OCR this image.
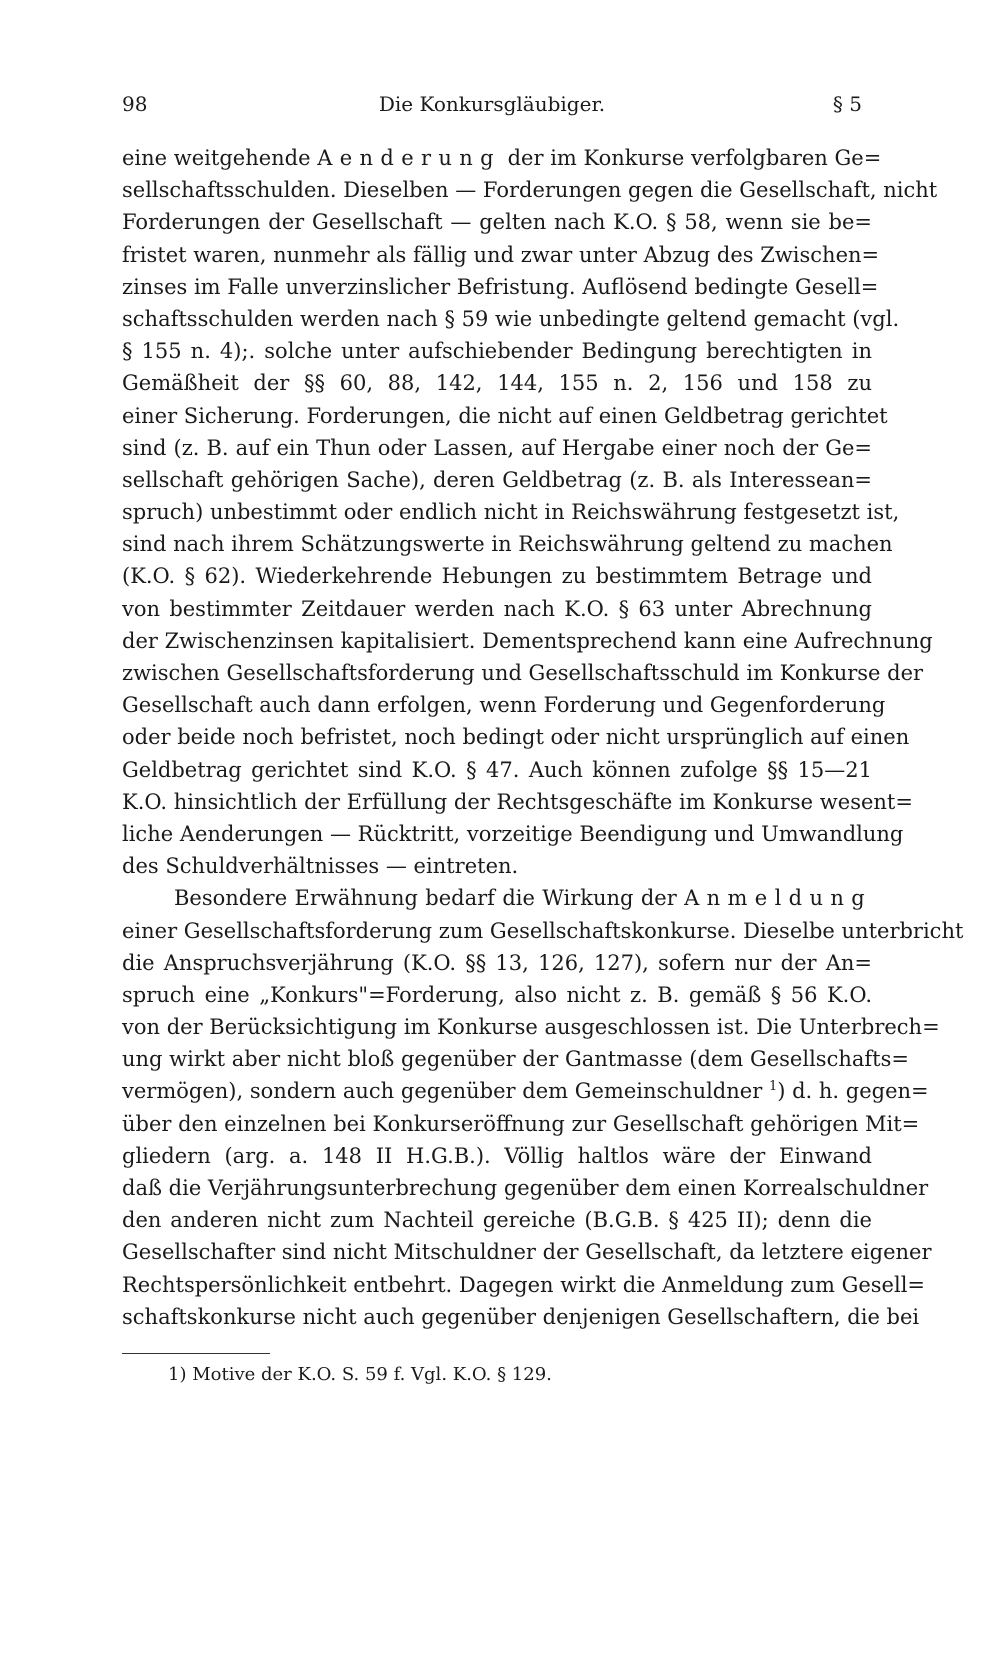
98	Die Konkursgläubiger.	§ 5
eine weitgehende Aenderung der im Konkurse verfolgbaren Ge=
sellschaftsschulden. Dieselben — Forderungen gegen die Gesellschaft, nicht
Forderungen der Gesellschaft — gelten nach K.O. § 58, wenn sie be=
fristet waren, nunmehr als fällig und zwar unter Abzug des Zwischen=
zinses im Falle unverzinslicher Befristung. Auflösend bedingte Gesell=
schaftsschulden werden nach § 59 wie unbedingte geltend gemacht (vgl.
§ 155 n. 4);. solche unter aufschiebender Bedingung berechtigten in
Gemäßheit der §§ 60, 88, 142, 144, 155 n. 2, 156 und 158 zu
einer Sicherung. Forderungen, die nicht auf einen Geldbetrag gerichtet
sind (z. B. auf ein Thun oder Lassen, auf Hergabe einer noch der Ge=
sellschaft gehörigen Sache), deren Geldbetrag (z. B. als Interessean=
spruch) unbestimmt oder endlich nicht in Reichswährung festgesetzt ist,
sind nach ihrem Schätzungswerte in Reichswährung geltend zu machen
(K.O. § 62). Wiederkehrende Hebungen zu bestimmtem Betrage und
von bestimmter Zeitdauer werden nach K.O. § 63 unter Abrechnung
der Zwischenzinsen kapitalisiert. Dementsprechend kann eine Aufrechnung
zwischen Gesellschaftsforderung und Gesellschaftsschuld im Konkurse der
Gesellschaft auch dann erfolgen, wenn Forderung und Gegenforderung
oder beide noch befristet, noch bedingt oder nicht ursprünglich auf einen
Geldbetrag gerichtet sind K.O. § 47. Auch können zufolge §§ 15—21
K.O. hinsichtlich der Erfüllung der Rechtsgeschäfte im Konkurse wesent=
liche Aenderungen — Rücktritt, vorzeitige Beendigung und Umwandlung
des Schuldverhältnisses — eintreten.
Besondere Erwähnung bedarf die Wirkung der Anmeldung
einer Gesellschaftsforderung zum Gesellschaftskonkurse. Dieselbe unterbricht
die Anspruchsverjährung (K.O. §§ 13, 126, 127), sofern nur der An=
spruch eine „Konkurs"=Forderung, also nicht z. B. gemäß § 56 K.O.
von der Berücksichtigung im Konkurse ausgeschlossen ist. Die Unterbrech=
ung wirkt aber nicht bloß gegenüber der Gantmasse (dem Gesellschafts=
vermögen), sondern auch gegenüber dem Gemeinschuldner $^1$) d. h. gegen=
über den einzelnen bei Konkurseröffnung zur Gesellschaft gehörigen Mit=
gliedern (arg. a. 148 II H.G.B.). Völlig haltlos wäre der Einwand
daß die Verjährungsunterbrechung gegenüber dem einen Korrealschuldner
den anderen nicht zum Nachteil gereiche (B.G.B. § 425 II); denn die
Gesellschafter sind nicht Mitschuldner der Gesellschaft, da letztere eigener
Rechtspersönlichkeit entbehrt. Dagegen wirkt die Anmeldung zum Gesell=
schaftskonkurse nicht auch gegenüber denjenigen Gesellschaftern, die bei
1) Motive der K.O. S. 59 f. Vgl. K.O. § 129.
